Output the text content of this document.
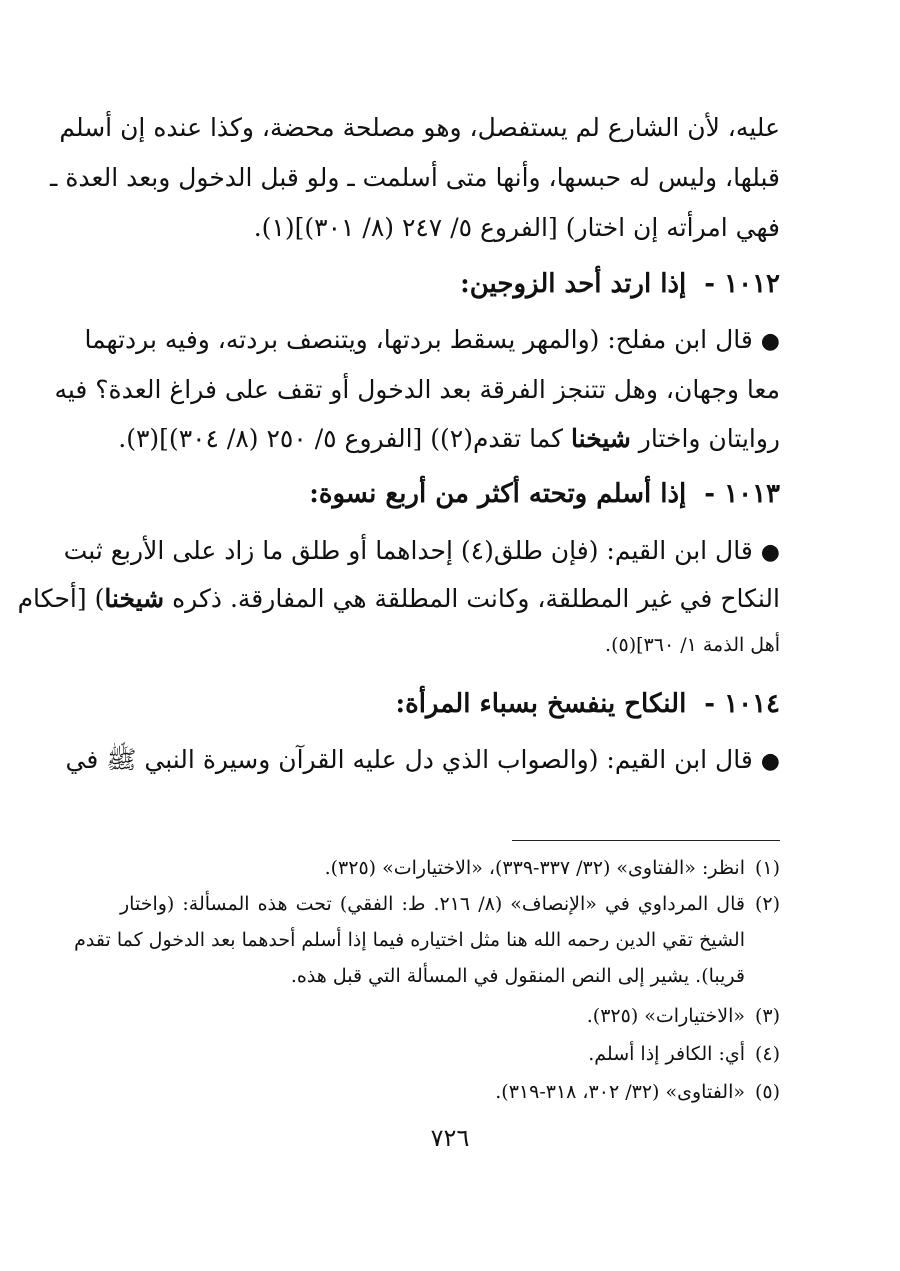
عليه، لأن الشارع لم يستفصل، وهو مصلحة محضة، وكذا عنده إن أسلم
قبلها، وليس له حبسها، وأنها متى أسلمت ـ ولو قبل الدخول وبعد العدة ـ
فهي امرأته إن اختار) [الفروع ٥/ ٢٤٧ (٨/ ٣٠١)](١).
١٠١٢ -إذا ارتد أحد الزوجين:
●قال ابن مفلح: (والمهر يسقط بردتها، ويتنصف بردته، وفيه بردتهما
معا وجهان، وهل تتنجز الفرقة بعد الدخول أو تقف على فراغ العدة؟ فيه
روايتان واختار شيخنا كما تقدم(٢)) [الفروع ٥/ ٢٥٠ (٨/ ٣٠٤)](٣).
١٠١٣ -إذا أسلم وتحته أكثر من أربع نسوة:
●قال ابن القيم: (فإن طلق(٤) إحداهما أو طلق ما زاد على الأربع ثبت
النكاح في غير المطلقة، وكانت المطلقة هي المفارقة. ذكره شيخنا) [أحكام
أهل الذمة ١/ ٣٦٠](٥).
١٠١٤ -النكاح ينفسخ بسباء المرأة:
●قال ابن القيم: (والصواب الذي دل عليه القرآن وسيرة النبي ﷺ في
(١)انظر: «الفتاوى» (٣٢/ ٣٣٧-٣٣٩)، «الاختيارات» (٣٢٥).
(٢)قال المرداوي في «الإنصاف» (٨/ ٢١٦. ط: الفقي) تحت هذه المسألة: (واختار
الشيخ تقي الدين رحمه الله هنا مثل اختياره فيما إذا أسلم أحدهما بعد الدخول كما تقدم
قريبا). يشير إلى النص المنقول في المسألة التي قبل هذه.
(٣)«الاختيارات» (٣٢٥).
(٤)أي: الكافر إذا أسلم.
(٥)«الفتاوى» (٣٢/ ٣٠٢، ٣١٨-٣١٩).
٧٢٦
